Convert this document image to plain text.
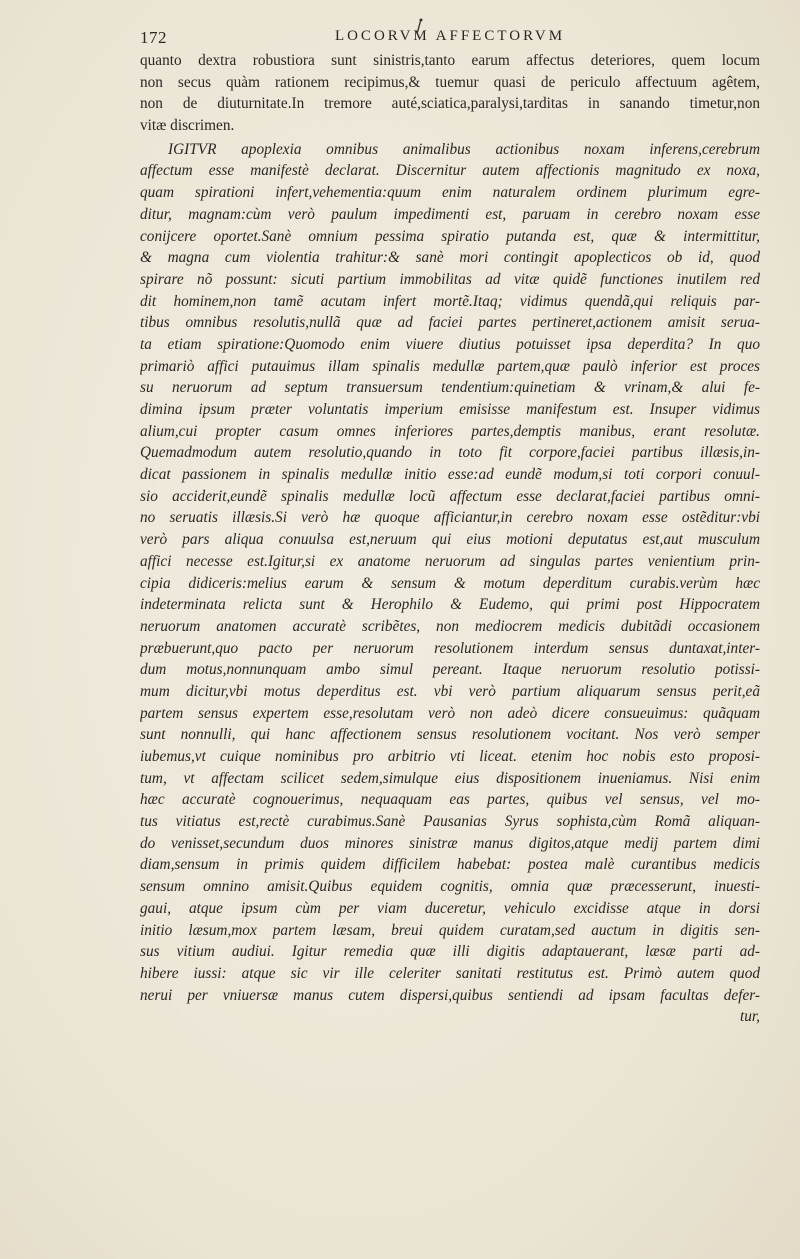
172	LOCORVM AFFECTORVM
quanto dextra robustiora sunt sinistris,tanto earum affectus deteriores, quem locum
non secus quàm rationem recipimus,& tuemur quasi de periculo affectuum agêtem,
non de diuturnitate.In tremore auté,sciatica,paralysi,tarditas in sanando timetur,non
vitæ discrimen.
IGITVR apoplexia omnibus animalibus actionibus noxam inferens,cerebrum
affectum esse manifestè declarat. Discernitur autem affectionis magnitudo ex noxa,
quam spirationi infert,vehementia:quum enim naturalem ordinem plurimum egre-
ditur, magnam:cùm verò paulum impedimenti est, paruam in cerebro noxam esse
conijcere oportet.Sanè omnium pessima spiratio putanda est, quæ & intermittitur,
& magna cum violentia trahitur:& sanè mori contingit apoplecticos ob id, quod
spirare nõ possunt: sicuti partium immobilitas ad vitæ quidẽ functiones inutilem red
dit hominem,non tamẽ acutam infert mortẽ.Itaq; vidimus quendã,qui reliquis par-
tibus omnibus resolutis,nullã quæ ad faciei partes pertineret,actionem amisit serua-
ta etiam spiratione:Quomodo enim viuere diutius potuisset ipsa deperdita? In quo
primariò affici putauimus illam spinalis medullæ partem,quæ paulò inferior est proces
su neruorum ad septum transuersum tendentium:quinetiam & vrinam,& alui fe-
dimina ipsum præter voluntatis imperium emisisse manifestum est. Insuper vidimus
alium,cui propter casum omnes inferiores partes,demptis manibus, erant resolutæ.
Quemadmodum autem resolutio,quando in toto fit corpore,faciei partibus illæsis,in-
dicat passionem in spinalis medullæ initio esse:ad eundẽ modum,si toti corpori conuul-
sio acciderit,eundẽ spinalis medullæ locũ affectum esse declarat,faciei partibus omni-
no seruatis illæsis.Si verò hæ quoque afficiantur,in cerebro noxam esse ostẽditur:vbi
verò pars aliqua conuulsa est,neruum qui eius motioni deputatus est,aut musculum
affici necesse est.Igitur,si ex anatome neruorum ad singulas partes venientium prin-
cipia didiceris:melius earum & sensum & motum deperditum curabis.verùm hæc
indeterminata relicta sunt & Herophilo & Eudemo, qui primi post Hippocratem
neruorum anatomen accuratè scribẽtes, non mediocrem medicis dubitãdi occasionem
præbuerunt,quo pacto per neruorum resolutionem interdum sensus duntaxat,inter-
dum motus,nonnunquam ambo simul pereant. Itaque neruorum resolutio potissi-
mum dicitur,vbi motus deperditus est. vbi verò partium aliquarum sensus perit,eã
partem sensus expertem esse,resolutam verò non adeò dicere consueuimus: quãquam
sunt nonnulli, qui hanc affectionem sensus resolutionem vocitant. Nos verò semper
iubemus,vt cuique nominibus pro arbitrio vti liceat. etenim hoc nobis esto proposi-
tum, vt affectam scilicet sedem,simulque eius dispositionem inueniamus. Nisi enim
hæc accuratè cognouerimus, nequaquam eas partes, quibus vel sensus, vel mo-
tus vitiatus est,rectè curabimus.Sanè Pausanias Syrus sophista,cùm Romã aliquan-
do venisset,secundum duos minores sinistræ manus digitos,atque medij partem dimi
diam,sensum in primis quidem difficilem habebat: postea malè curantibus medicis
sensum omnino amisit.Quibus equidem cognitis, omnia quæ præcesserunt, inuesti-
gaui, atque ipsum cùm per viam duceretur, vehiculo excidisse atque in dorsi
initio læsum,mox partem læsam, breui quidem curatam,sed auctum in digitis sen-
sus vitium audiui. Igitur remedia quæ illi digitis adaptauerant, læsæ parti ad-
hibere iussi: atque sic vir ille celeriter sanitati restitutus est. Primò autem quod
nerui per vniuersæ manus cutem dispersi,quibus sentiendi ad ipsam facultas defer-
tur,
